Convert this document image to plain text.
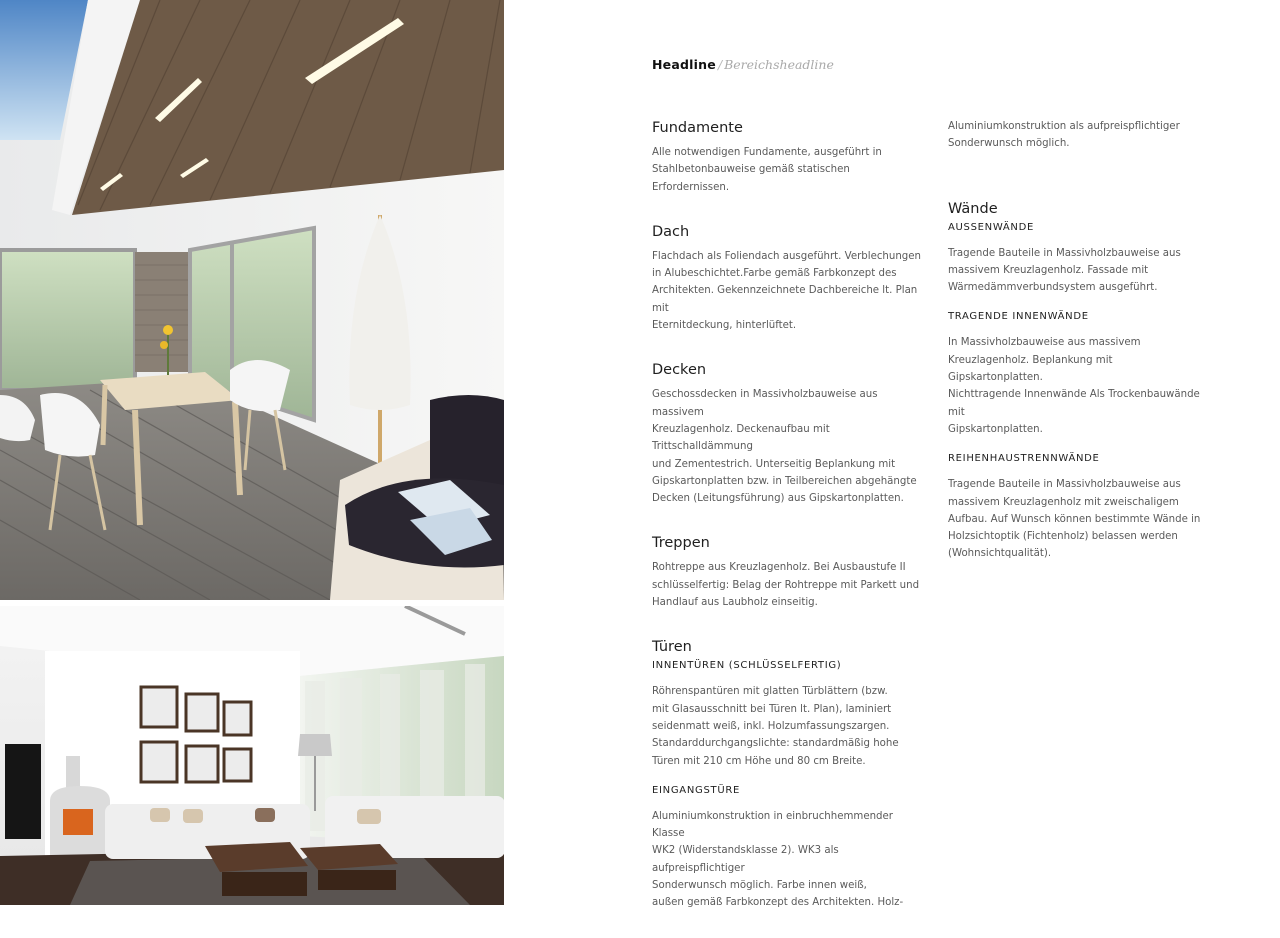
Headline / Bereichsheadline
Fundamente

Alle notwendigen Fundamente, ausgeführt in
Stahlbetonbauweise gemäß statischen Erfordernissen.

Dach

Flachdach als Foliendach ausgeführt. Verblechungen
in Alubeschichtet.Farbe gemäß Farbkonzept des
Architekten. Gekennzeichnete Dachbereiche lt. Plan mit
Eternitdeckung, hinterlüftet.

Decken

Geschossdecken in Massivholzbauweise aus massivem
Kreuzlagenholz. Deckenaufbau mit Trittschalldämmung
und Zementestrich. Unterseitig Beplankung mit
Gipskartonplatten bzw. in Teilbereichen abgehängte
Decken (Leitungsführung) aus Gipskartonplatten.

Treppen

Rohtreppe aus Kreuzlagenholz. Bei Ausbaustufe II
schlüsselfertig: Belag der Rohtreppe mit Parkett und
Handlauf aus Laubholz einseitig.

Türen
INNENTÜREN (SCHLÜSSELFERTIG)

Röhrenspantüren mit glatten Türblättern (bzw.
mit Glasausschnitt bei Türen lt. Plan), laminiert
seidenmatt weiß, inkl. Holzumfassungszargen.
Standarddurchgangslichte: standardmäßig hohe
Türen mit 210 cm Höhe und 80 cm Breite.

EINGANGSTÜRE

Aluminiumkonstruktion in einbruchhemmender Klasse
WK2 (Widerstandsklasse 2). WK3 als aufpreispflichtiger
Sonderwunsch möglich. Farbe innen weiß,
außen gemäß Farbkonzept des Architekten. Holz-

Aluminiumkonstruktion als aufpreispflichtiger
Sonderwunsch möglich.

Wände
AUSSENWÄNDE

Tragende Bauteile in Massivholzbauweise aus
massivem Kreuzlagenholz. Fassade mit
Wärmedämmverbundsystem ausgeführt.

TRAGENDE INNENWÄNDE

In Massivholzbauweise aus massivem
Kreuzlagenholz. Beplankung mit Gipskartonplatten.
Nichttragende Innenwände Als Trockenbauwände mit
Gipskartonplatten.

REIHENHAUSTRENNWÄNDE

Tragende Bauteile in Massivholzbauweise aus
massivem Kreuzlagenholz mit zweischaligem
Aufbau. Auf Wunsch können bestimmte Wände in
Holzsichtoptik (Fichtenholz) belassen werden
(Wohnsichtqualität).
